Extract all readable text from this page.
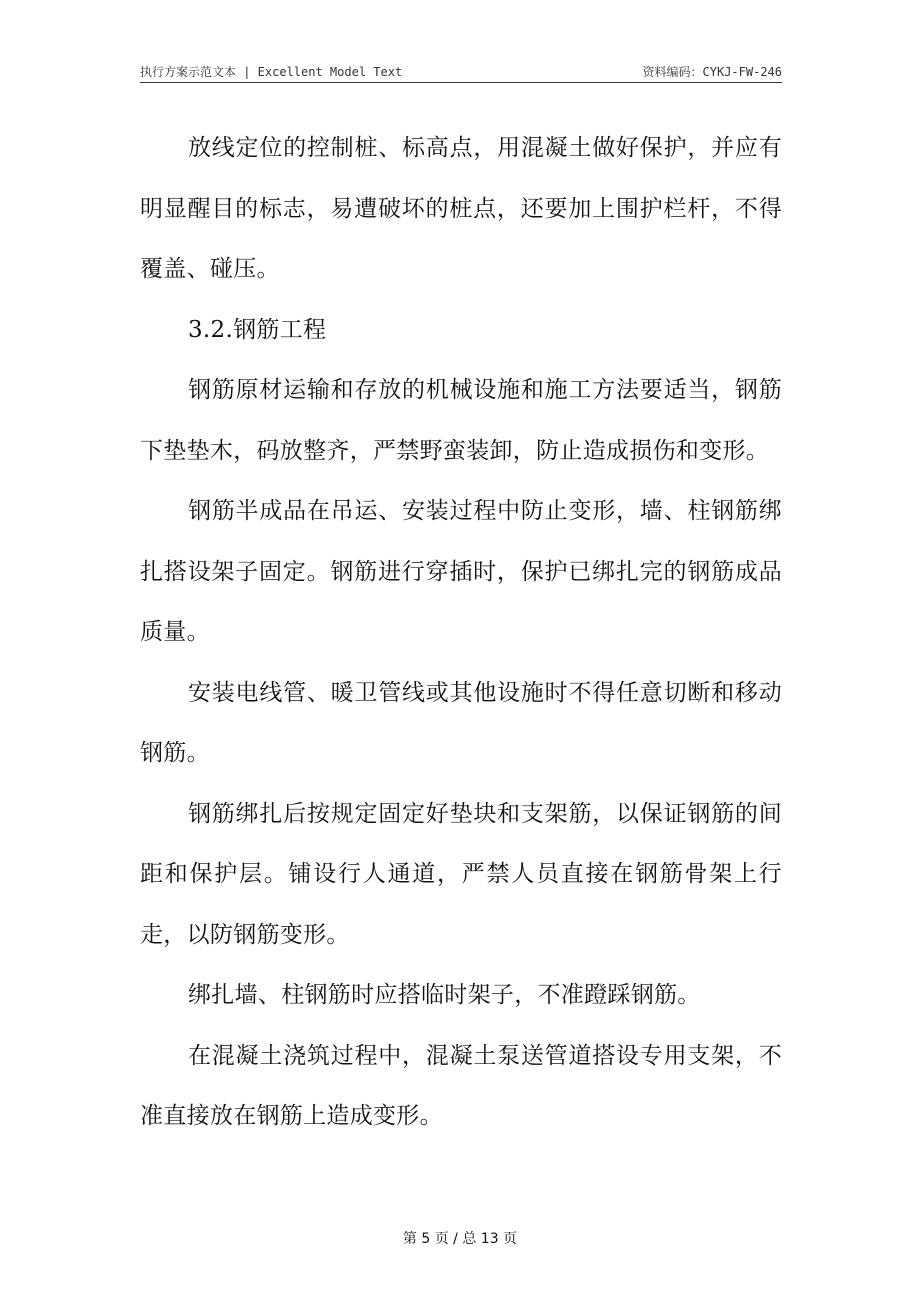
执行方案示范文本 | Excellent Model Text	资料编码：CYKJ-FW-246

放线定位的控制桩、标高点，用混凝土做好保护，并应有明显醒目的标志，易遭破坏的桩点，还要加上围护栏杆，不得覆盖、碰压。

3.2.钢筋工程

钢筋原材运输和存放的机械设施和施工方法要适当，钢筋下垫垫木，码放整齐，严禁野蛮装卸，防止造成损伤和变形。

钢筋半成品在吊运、安装过程中防止变形，墙、柱钢筋绑扎搭设架子固定。钢筋进行穿插时，保护已绑扎完的钢筋成品质量。

安装电线管、暖卫管线或其他设施时不得任意切断和移动钢筋。

钢筋绑扎后按规定固定好垫块和支架筋，以保证钢筋的间距和保护层。铺设行人通道，严禁人员直接在钢筋骨架上行走，以防钢筋变形。

绑扎墙、柱钢筋时应搭临时架子，不准蹬踩钢筋。

在混凝土浇筑过程中，混凝土泵送管道搭设专用支架，不准直接放在钢筋上造成变形。

第 5 页 / 总 13 页
